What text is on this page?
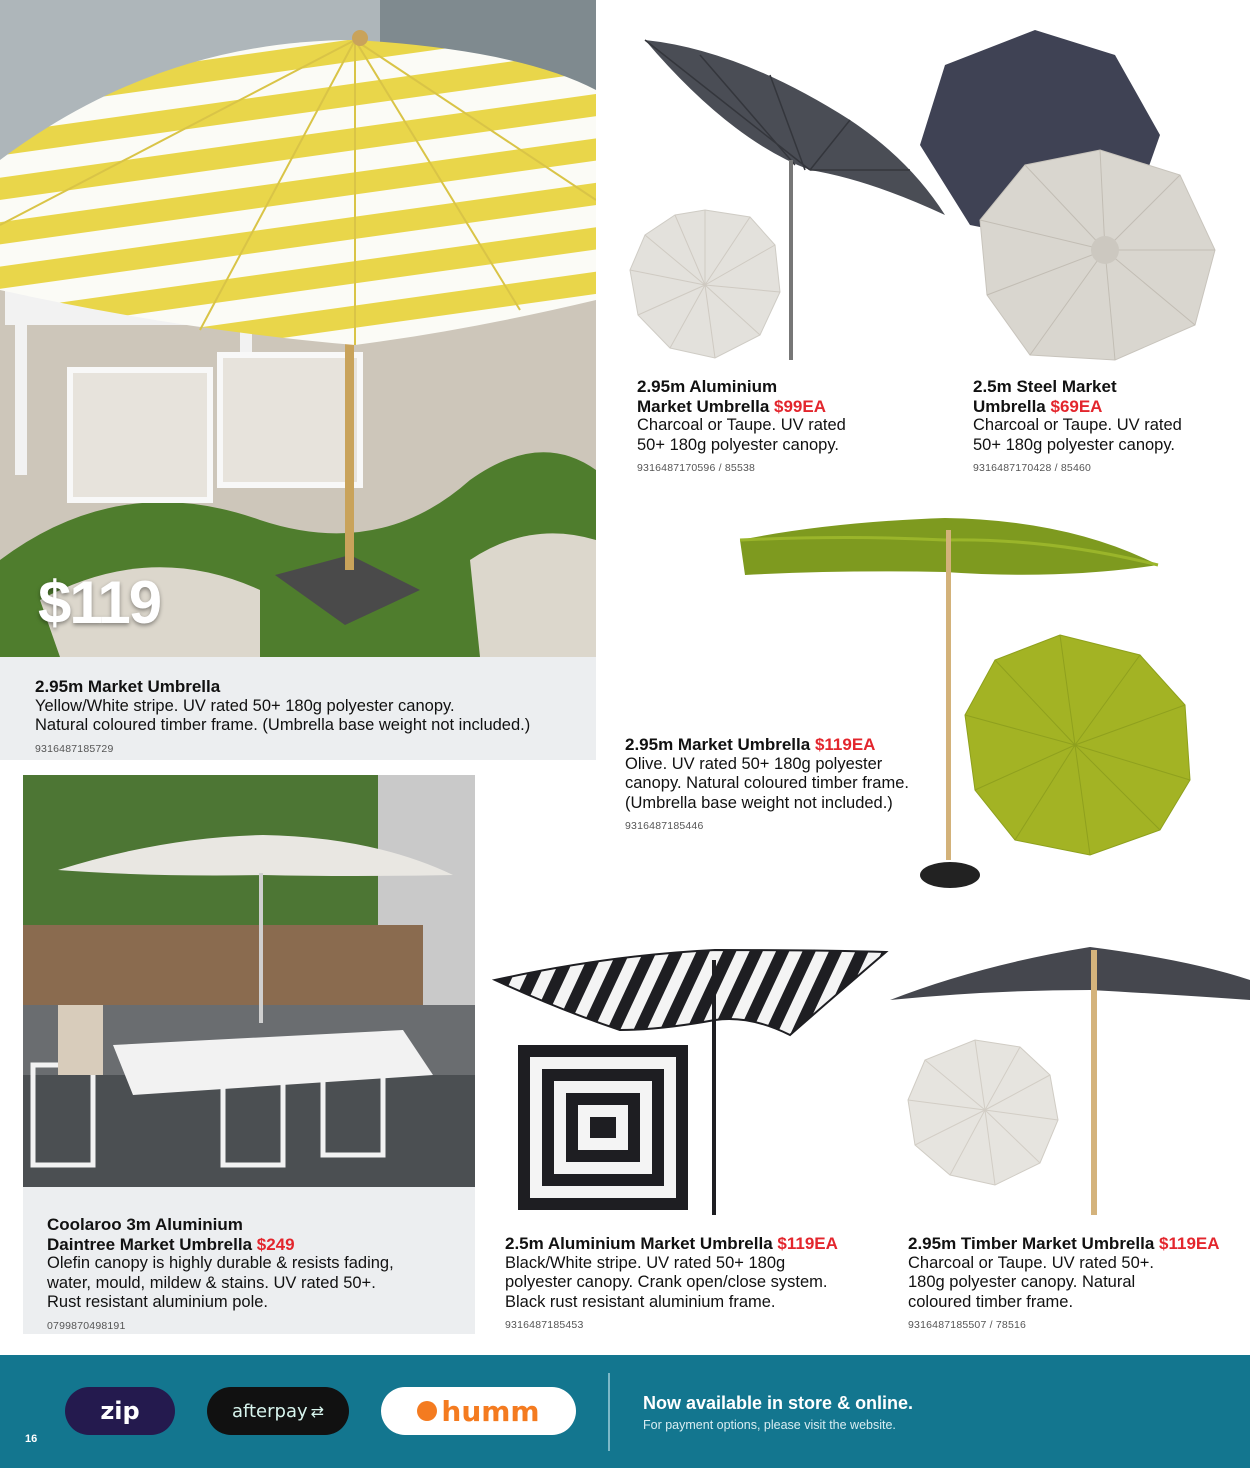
$119
2.95m Market Umbrella
Yellow/White stripe. UV rated 50+ 180g polyester canopy.
Natural coloured timber frame. (Umbrella base weight not included.)
9316487185729
2.95m Aluminium
Market Umbrella $99EA
Charcoal or Taupe. UV rated
50+ 180g polyester canopy.
9316487170596 / 85538
2.5m Steel Market
Umbrella $69EA
Charcoal or Taupe. UV rated
50+ 180g polyester canopy.
9316487170428 / 85460
2.95m Market Umbrella $119EA
Olive. UV rated 50+ 180g polyester
canopy. Natural coloured timber frame.
(Umbrella base weight not included.)
9316487185446
Coolaroo 3m Aluminium
Daintree Market Umbrella $249
Olefin canopy is highly durable & resists fading,
water, mould, mildew & stains. UV rated 50+.
Rust resistant aluminium pole.
0799870498191
2.5m Aluminium Market Umbrella $119EA
Black/White stripe. UV rated 50+ 180g
polyester canopy. Crank open/close system.
Black rust resistant aluminium frame.
9316487185453
2.95m Timber Market Umbrella $119EA
Charcoal or Taupe. UV rated 50+.
180g polyester canopy. Natural
coloured timber frame.
9316487185507 / 78516
zip	afterpay ⇄	humm	Now available in store & online.
For payment options, please visit the website.
16
